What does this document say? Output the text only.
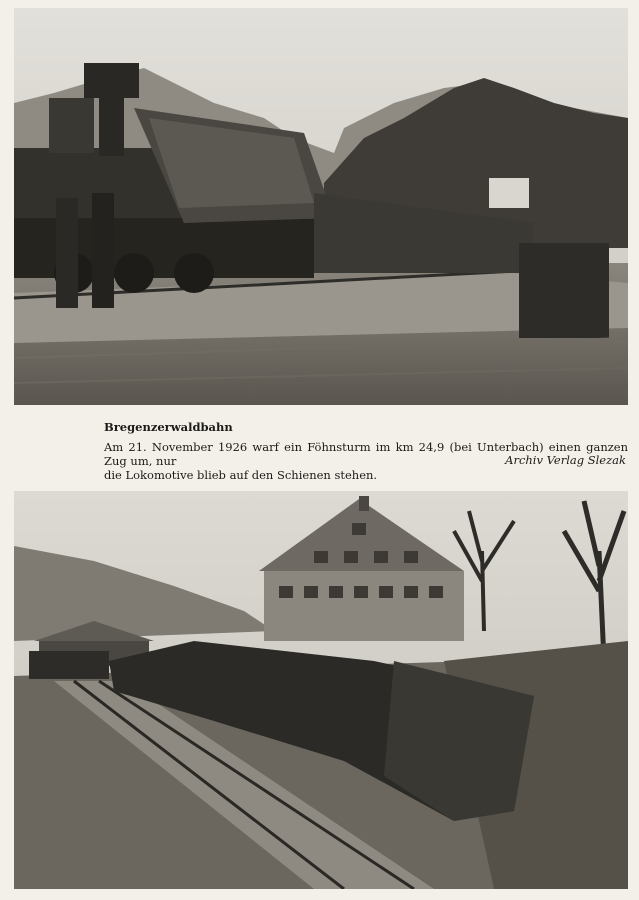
Bregenzerwaldbahn
Am 21. November 1926 warf ein Föhnsturm im km 24,9 (bei Unterbach) einen ganzen Zug um, nur
die Lokomotive blieb auf den Schienen stehen.
Archiv Verlag Slezak
